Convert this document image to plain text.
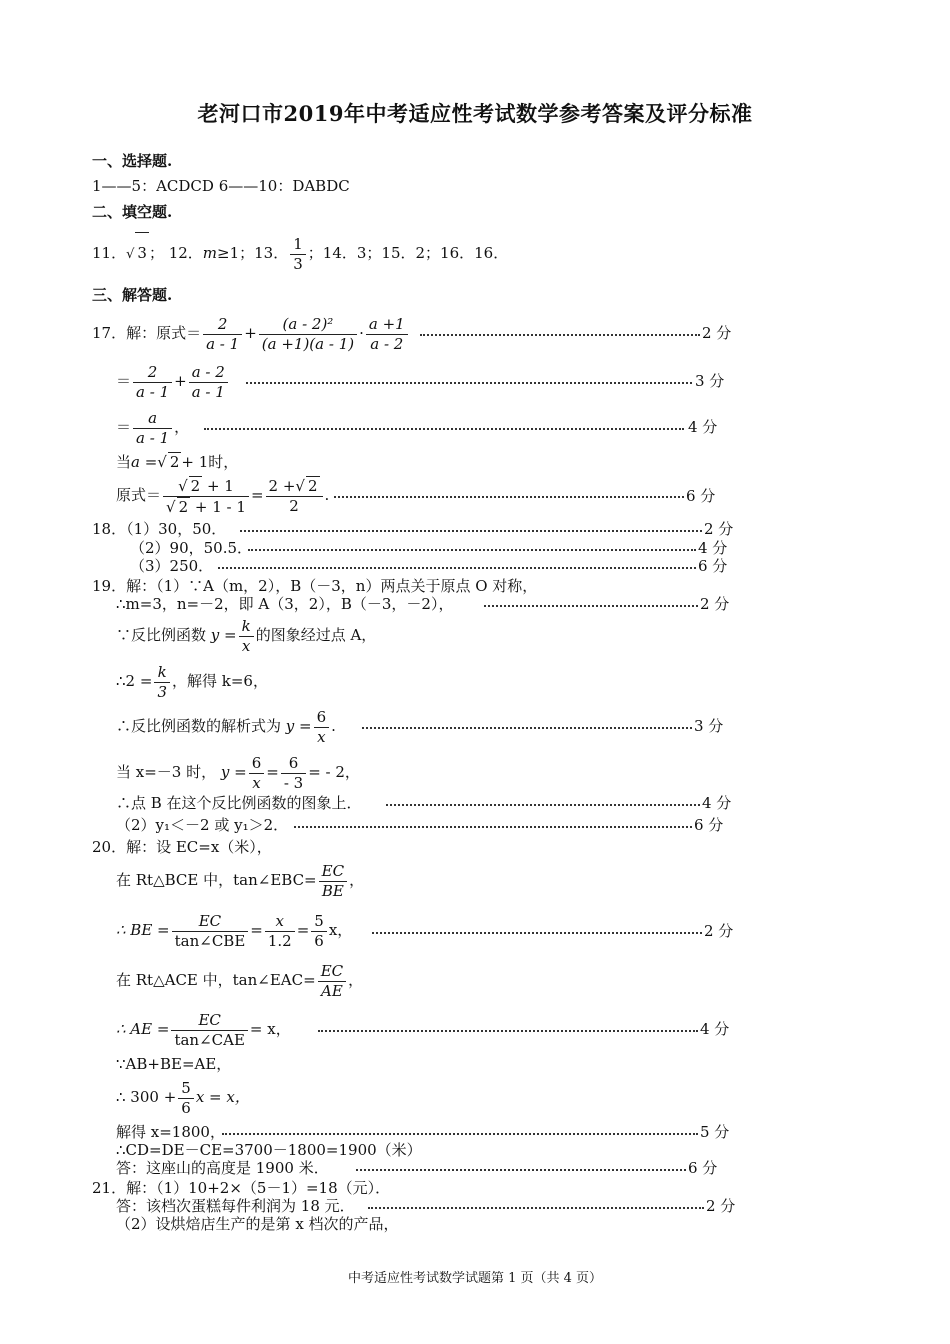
老河口市2019年中考适应性考试数学参考答案及评分标准
一、选择题.
1——5：ACDCD 6——10：DABDC
二、填空题.
11．√ 3 ； 12．m≥1；13． $\frac{1}{3}$ ；14．3；15．2；16．16．
三、解答题.
17．解：原式＝ $\frac{2}{a - 1} + \frac{\text{(a - 2)²}}{(a +1)(a - 1)} \cdot \frac{a +1}{a - 2}$	2 分
＝ $\frac{2}{a - 1} + \frac{a - 2}{a - 1}$	3 分
＝ $\frac{a}{a - 1}$ ，	4 分
当a =√ 2 + 1时，
原式＝ $\frac{√ 2 + 1}{√ 2 + 1 - 1} = \frac{2 +√ 2}{2}$ .	6 分
18．（1）30，50．	2 分
（2）90，50.5．	4 分
（3）250．	6 分
19．解：（1）∵A（m，2），B（－3，n）两点关于原点 O 对称，
∴m=3，n=－2，即 A（3，2），B（－3，－2），	2 分
∵反比例函数 $y = \frac{k}{x}$ 的图象经过点 A，
∴2 = $\frac{k}{3}$ ，解得 k=6，
∴反比例函数的解析式为 $y = \frac{6}{x}$ .	3 分
当 x=－3 时， $y = \frac{6}{x} = \frac{6}{- 3}$ = - 2，
∴点 B 在这个反比例函数的图象上．	4 分
（2）y₁＜－2 或 y₁＞2．	6 分
20．解：设 EC=x（米），
在 Rt△BCE 中，tan∠EBC= $\frac{EC}{BE}$ ，
∴ BE = $\frac{EC}{\text{tan∠CBE}} = \frac{x}{1.2} = \frac{5}{6}$ x，	2 分
在 Rt△ACE 中，tan∠EAC= $\frac{EC}{AE}$ ，
∴ AE = $\frac{EC}{\text{tan∠CAE}} = x$，	4 分
∵AB+BE=AE，
∴ $300 + \frac{5}{6}$ x = x，
解得 x=1800，	5 分
∴CD=DE－CE=3700－1800=1900（米）
答：这座山的高度是 1900 米．	6 分
21．解：（1）10+2×（5－1）=18（元）．
答：该档次蛋糕每件利润为 18 元．	2 分
（2）设烘焙店生产的是第 x 档次的产品，
中考适应性考试数学试题第 1 页（共 4 页）
